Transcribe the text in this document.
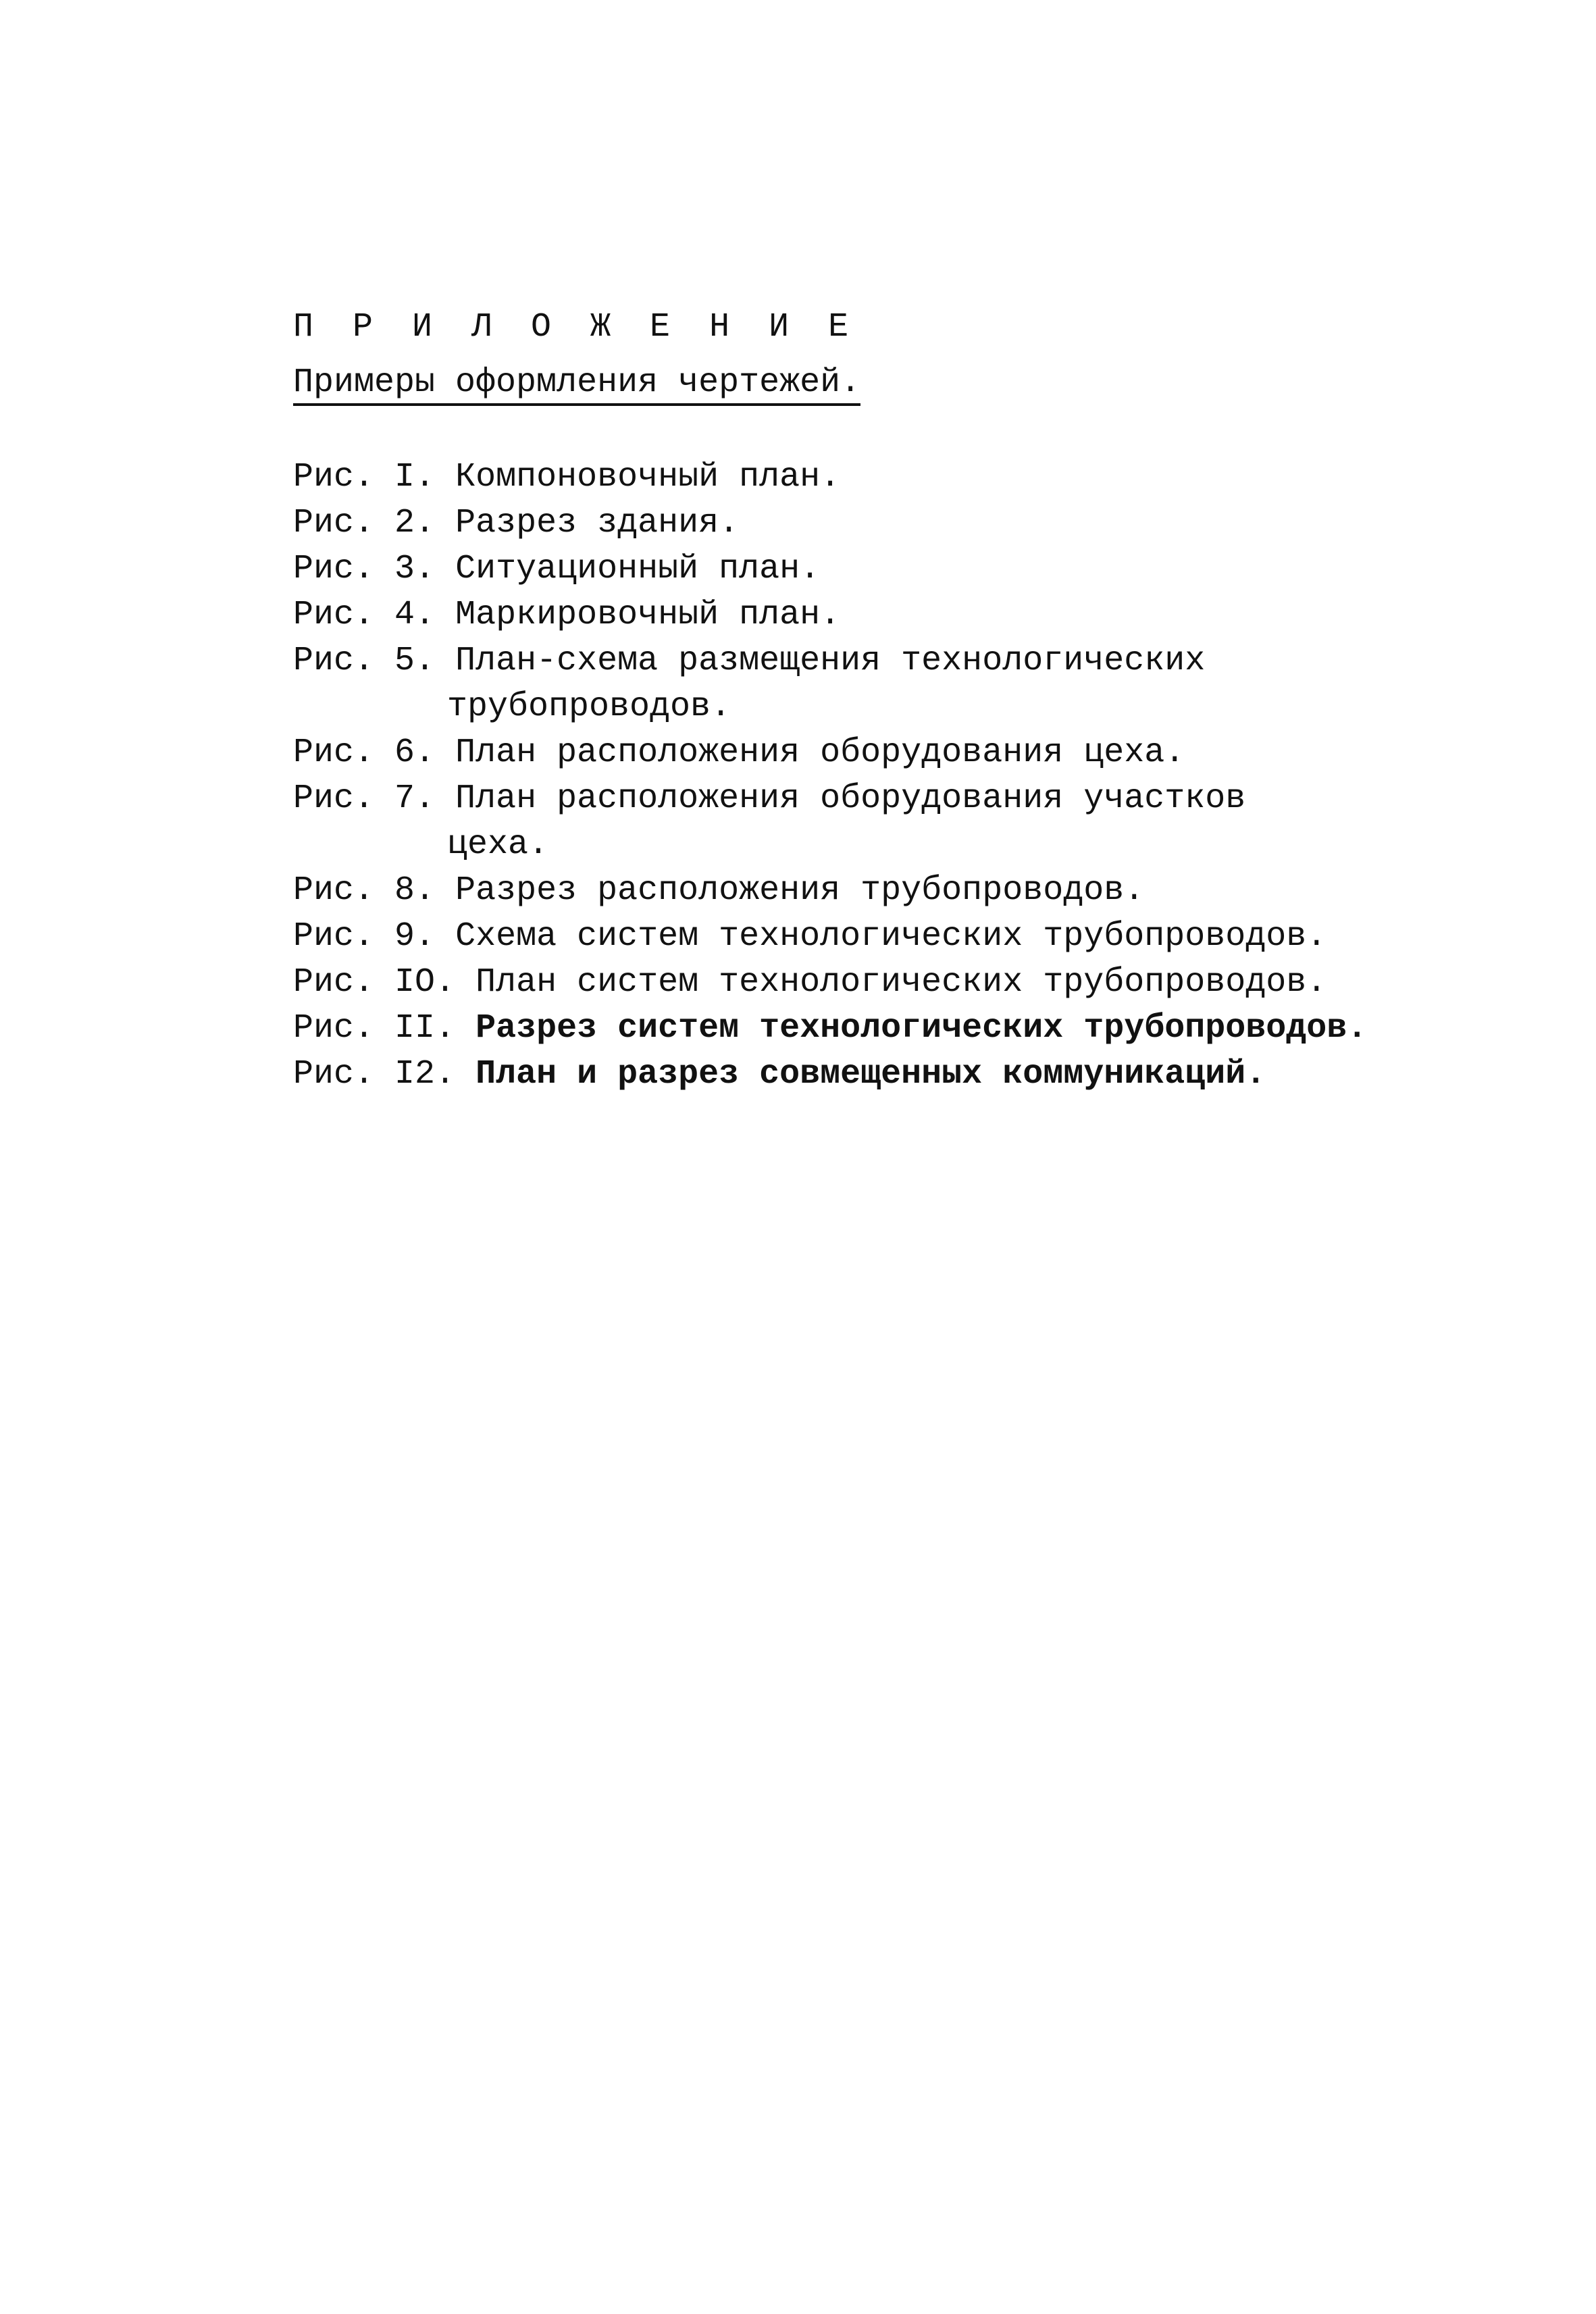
П Р И Л О Ж Е Н И Е
Примеры оформления чертежей.
Рис. I. Компоновочный план.
Рис. 2. Разрез здания.
Рис. 3. Ситуационный план.
Рис. 4. Маркировочный план.
Рис. 5. План-схема размещения технологических
трубопроводов.
Рис. 6. План расположения оборудования цеха.
Рис. 7. План расположения оборудования участков
цеха.
Рис. 8. Разрез расположения трубопроводов.
Рис. 9. Схема систем технологических трубопроводов.
Рис. IO. План систем технологических трубопроводов.
Рис. II. Разрез систем технологических трубопроводов.
Рис. I2. План и разрез совмещенных коммуникаций.
